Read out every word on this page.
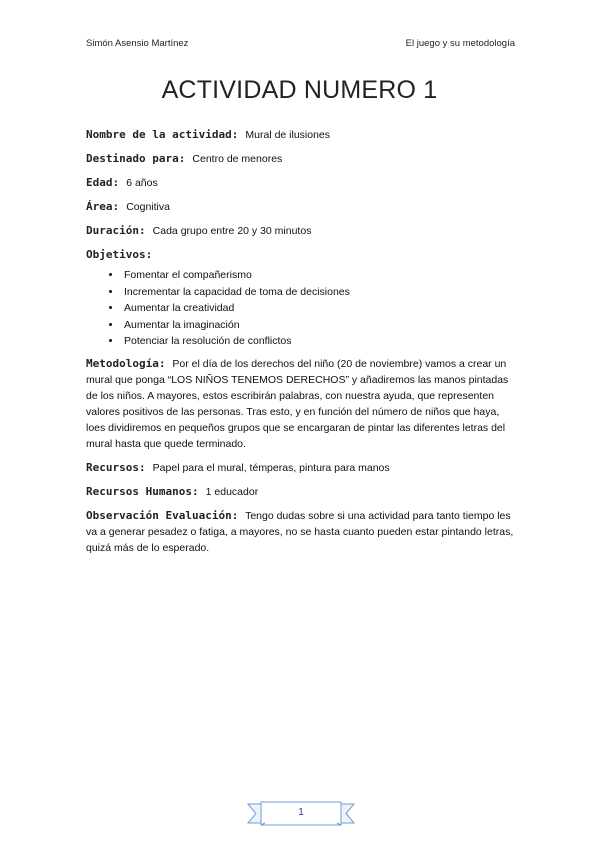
Simón Asensio Martínez	El juego y su metodología
ACTIVIDAD NUMERO 1
Nombre de la actividad: Mural de ilusiones
Destinado para: Centro de menores
Edad: 6 años
Área: Cognitiva
Duración: Cada grupo entre 20 y 30 minutos
Objetivos:
• Fomentar el compañerismo
• Incrementar la capacidad de toma de decisiones
• Aumentar la creatividad
• Aumentar la imaginación
• Potenciar la resolución de conflictos
Metodología: Por el día de los derechos del niño (20 de noviembre) vamos a crear un mural que ponga “LOS NIÑOS TENEMOS DERECHOS” y añadiremos las manos pintadas de los niños. A mayores, estos escribirán palabras, con nuestra ayuda, que representen valores positivos de las personas. Tras esto, y en función del número de niños que haya, loes dividiremos en pequeños grupos que se encargaran de pintar las diferentes letras del mural hasta que quede terminado.
Recursos: Papel para el mural, témperas, pintura para manos
Recursos Humanos: 1 educador
Observación Evaluación: Tengo dudas sobre si una actividad para tanto tiempo les va a generar pesadez o fatiga, a mayores, no se hasta cuanto pueden estar pintando letras, quizá más de lo esperado.
1
